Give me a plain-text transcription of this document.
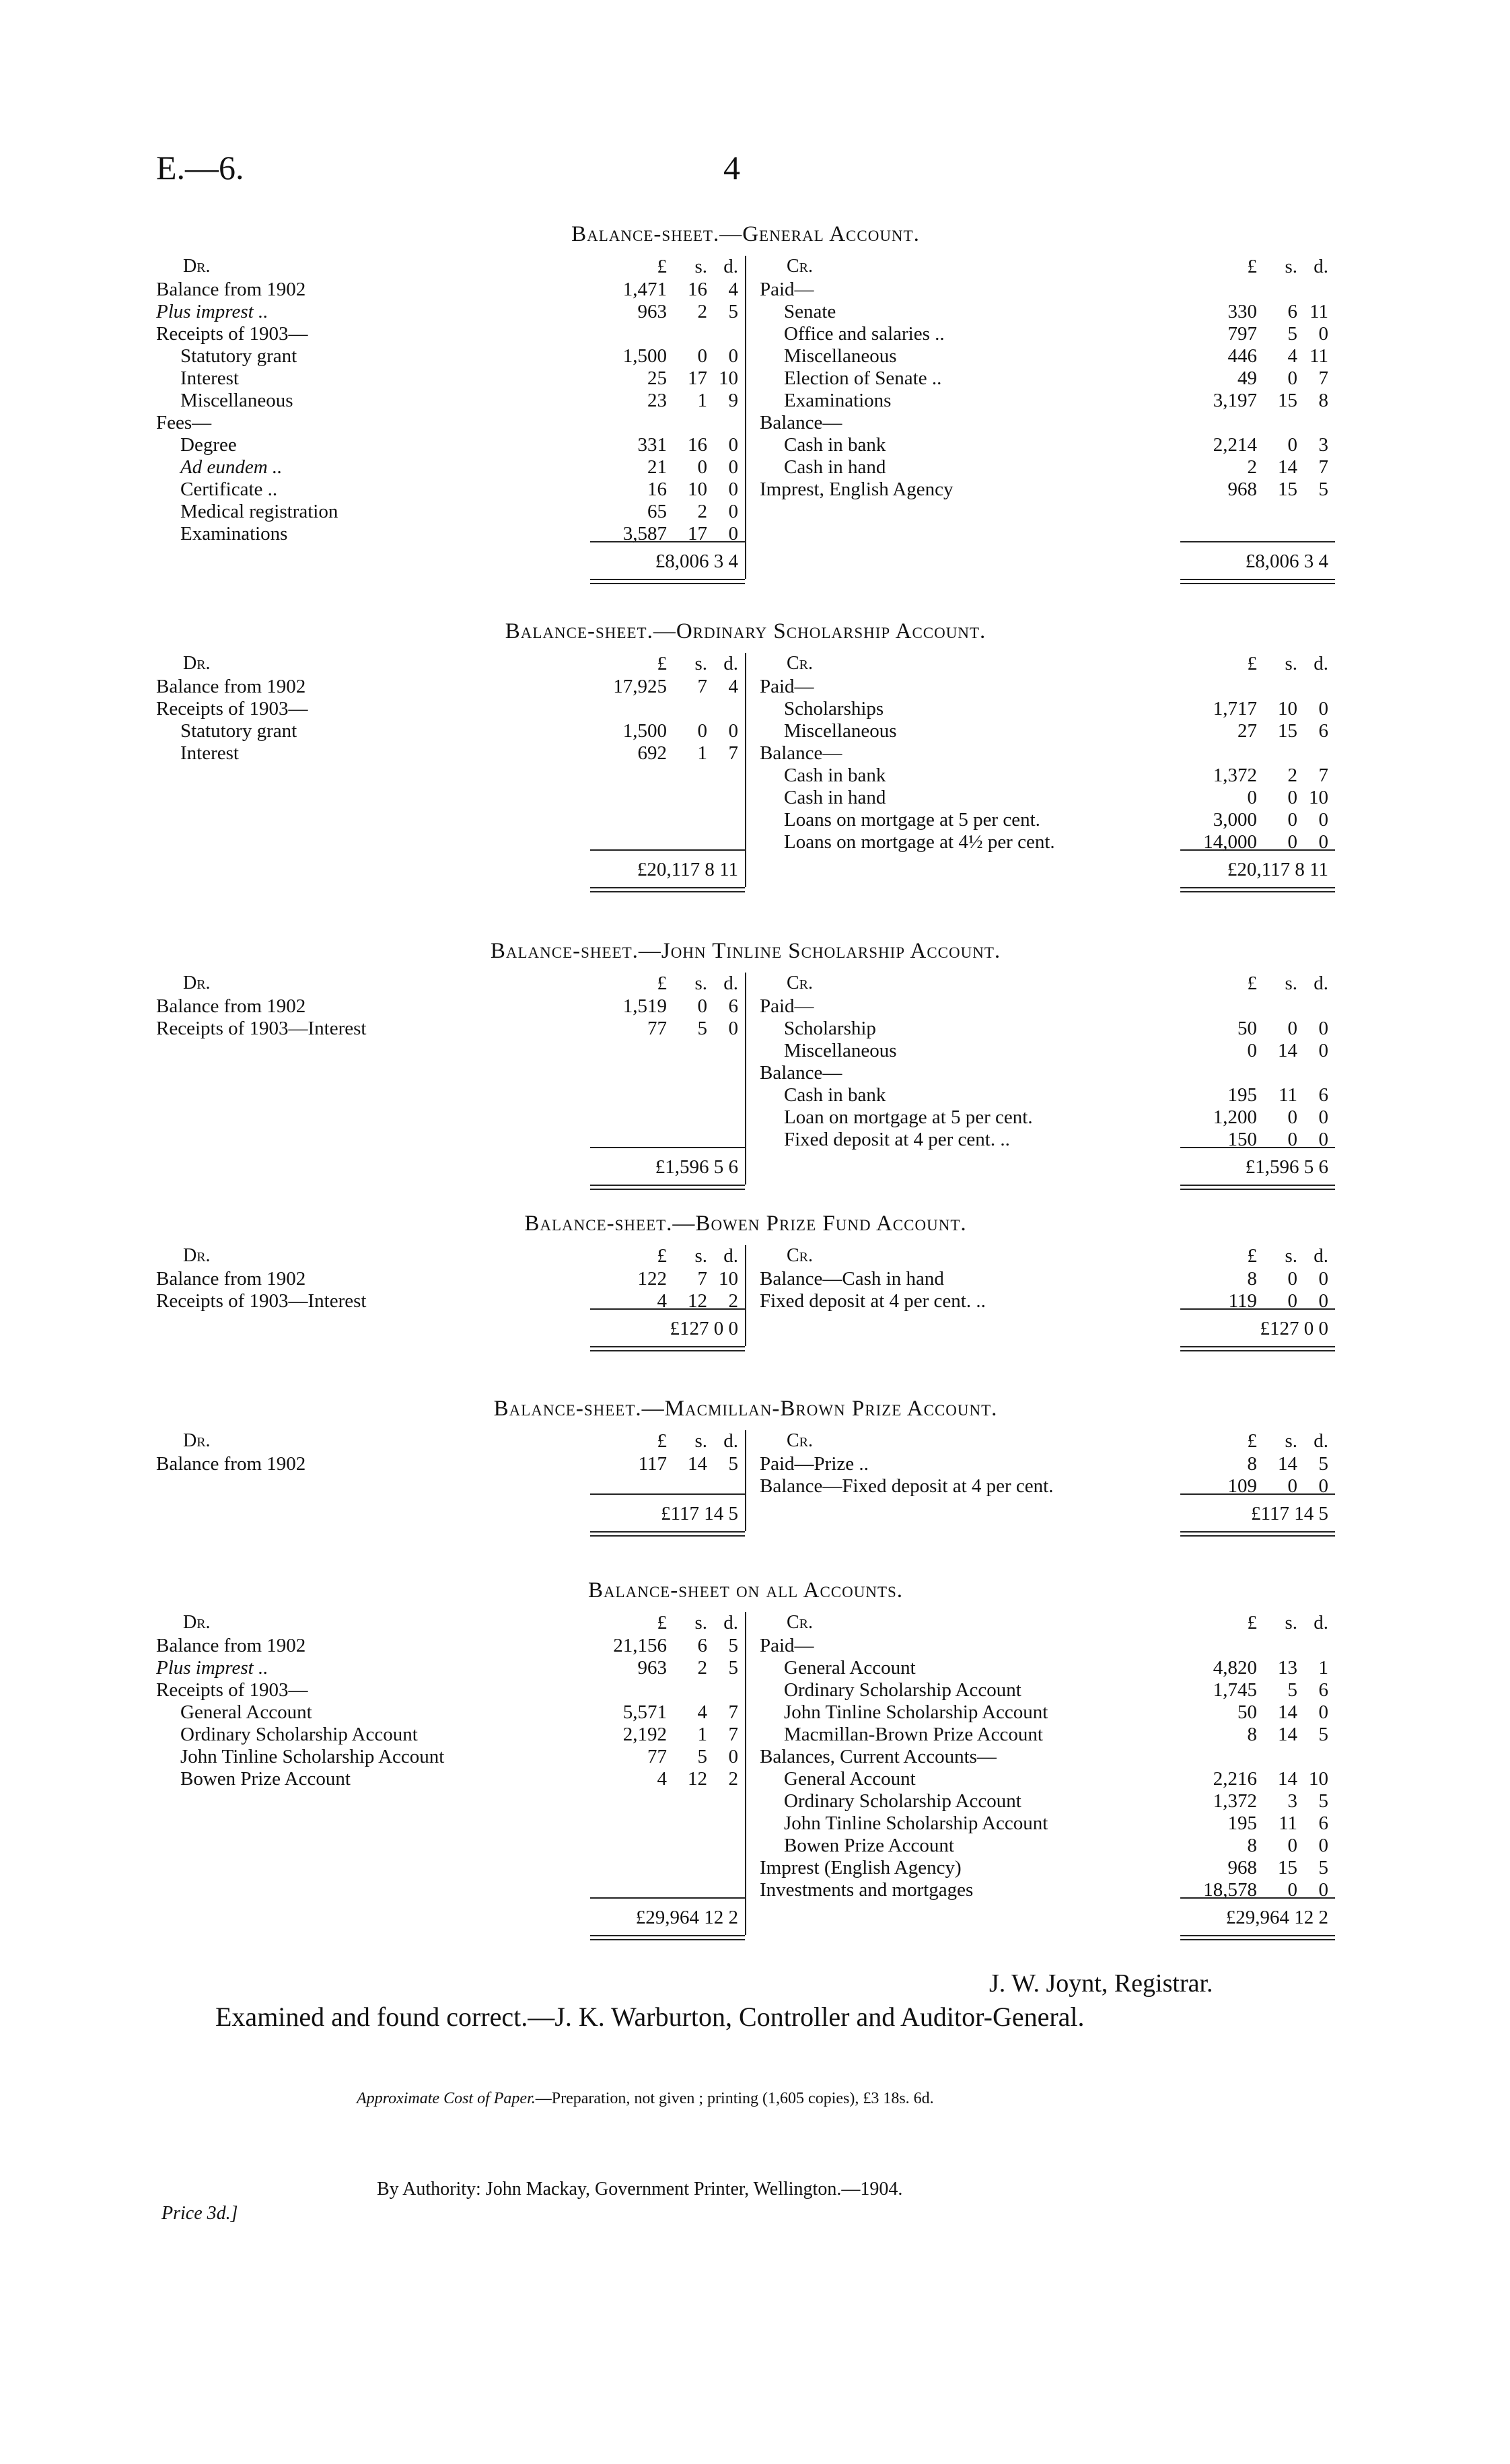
E.—6.	4
Balance-sheet.—General Account.
Dr.	£ s. d.
Balance from 1902	1,471 16 4
Plus imprest ..	963 2 5
Receipts of 1903—
Statutory grant	1,500 0 0
Interest	25 17 10
Miscellaneous	23 1 9
Fees—
Degree	331 16 0
Ad eundem ..	21 0 0
Certificate ..	16 10 0
Medical registration	65 2 0
Examinations	3,587 17 0
£8,006 3 4
Cr.	£ s. d.
Paid—
Senate	330 6 11
Office and salaries ..	797 5 0
Miscellaneous	446 4 11
Election of Senate ..	49 0 7
Examinations	3,197 15 8
Balance—
Cash in bank	2,214 0 3
Cash in hand	2 14 7
Imprest, English Agency	968 15 5
£8,006 3 4
Balance-sheet.—Ordinary Scholarship Account.
Dr.	£ s. d.
Balance from 1902	17,925 7 4
Receipts of 1903—
Statutory grant	1,500 0 0
Interest	692 1 7
£20,117 8 11
Cr.	£ s. d.
Paid—
Scholarships	1,717 10 0
Miscellaneous	27 15 6
Balance—
Cash in bank	1,372 2 7
Cash in hand	0 0 10
Loans on mortgage at 5 per cent.	3,000 0 0
Loans on mortgage at 4½ per cent.	14,000 0 0
£20,117 8 11
Balance-sheet.—John Tinline Scholarship Account.
Dr.	£ s. d.
Balance from 1902	1,519 0 6
Receipts of 1903—Interest	77 5 0
£1,596 5 6
Cr.	£ s. d.
Paid—
Scholarship	50 0 0
Miscellaneous	0 14 0
Balance—
Cash in bank	195 11 6
Loan on mortgage at 5 per cent.	1,200 0 0
Fixed deposit at 4 per cent. ..	150 0 0
£1,596 5 6
Balance-sheet.—Bowen Prize Fund Account.
Dr.	£ s. d.
Balance from 1902	122 7 10
Receipts of 1903—Interest	4 12 2
£127 0 0
Cr.	£ s. d.
Balance—Cash in hand	8 0 0
Fixed deposit at 4 per cent. ..	119 0 0
£127 0 0
Balance-sheet.—Macmillan-Brown Prize Account.
Dr.	£ s. d.
Balance from 1902	117 14 5
£117 14 5
Cr.	£ s. d.
Paid—Prize ..	8 14 5
Balance—Fixed deposit at 4 per cent.	109 0 0
£117 14 5
Balance-sheet on all Accounts.
Dr.	£ s. d.
Balance from 1902	21,156 6 5
Plus imprest ..	963 2 5
Receipts of 1903—
General Account	5,571 4 7
Ordinary Scholarship Account	2,192 1 7
John Tinline Scholarship Account	77 5 0
Bowen Prize Account	4 12 2
£29,964 12 2
Cr.	£ s. d.
Paid—
General Account	4,820 13 1
Ordinary Scholarship Account	1,745 5 6
John Tinline Scholarship Account	50 14 0
Macmillan-Brown Prize Account	8 14 5
Balances, Current Accounts—
General Account	2,216 14 10
Ordinary Scholarship Account	1,372 3 5
John Tinline Scholarship Account	195 11 6
Bowen Prize Account	8 0 0
Imprest (English Agency)	968 15 5
Investments and mortgages	18,578 0 0
£29,964 12 2
J. W. Joynt, Registrar.
Examined and found correct.—J. K. Warburton, Controller and Auditor-General.
Approximate Cost of Paper.—Preparation, not given ; printing (1,605 copies), £3 18s. 6d.
By Authority: John Mackay, Government Printer, Wellington.—1904.
Price 3d.]
